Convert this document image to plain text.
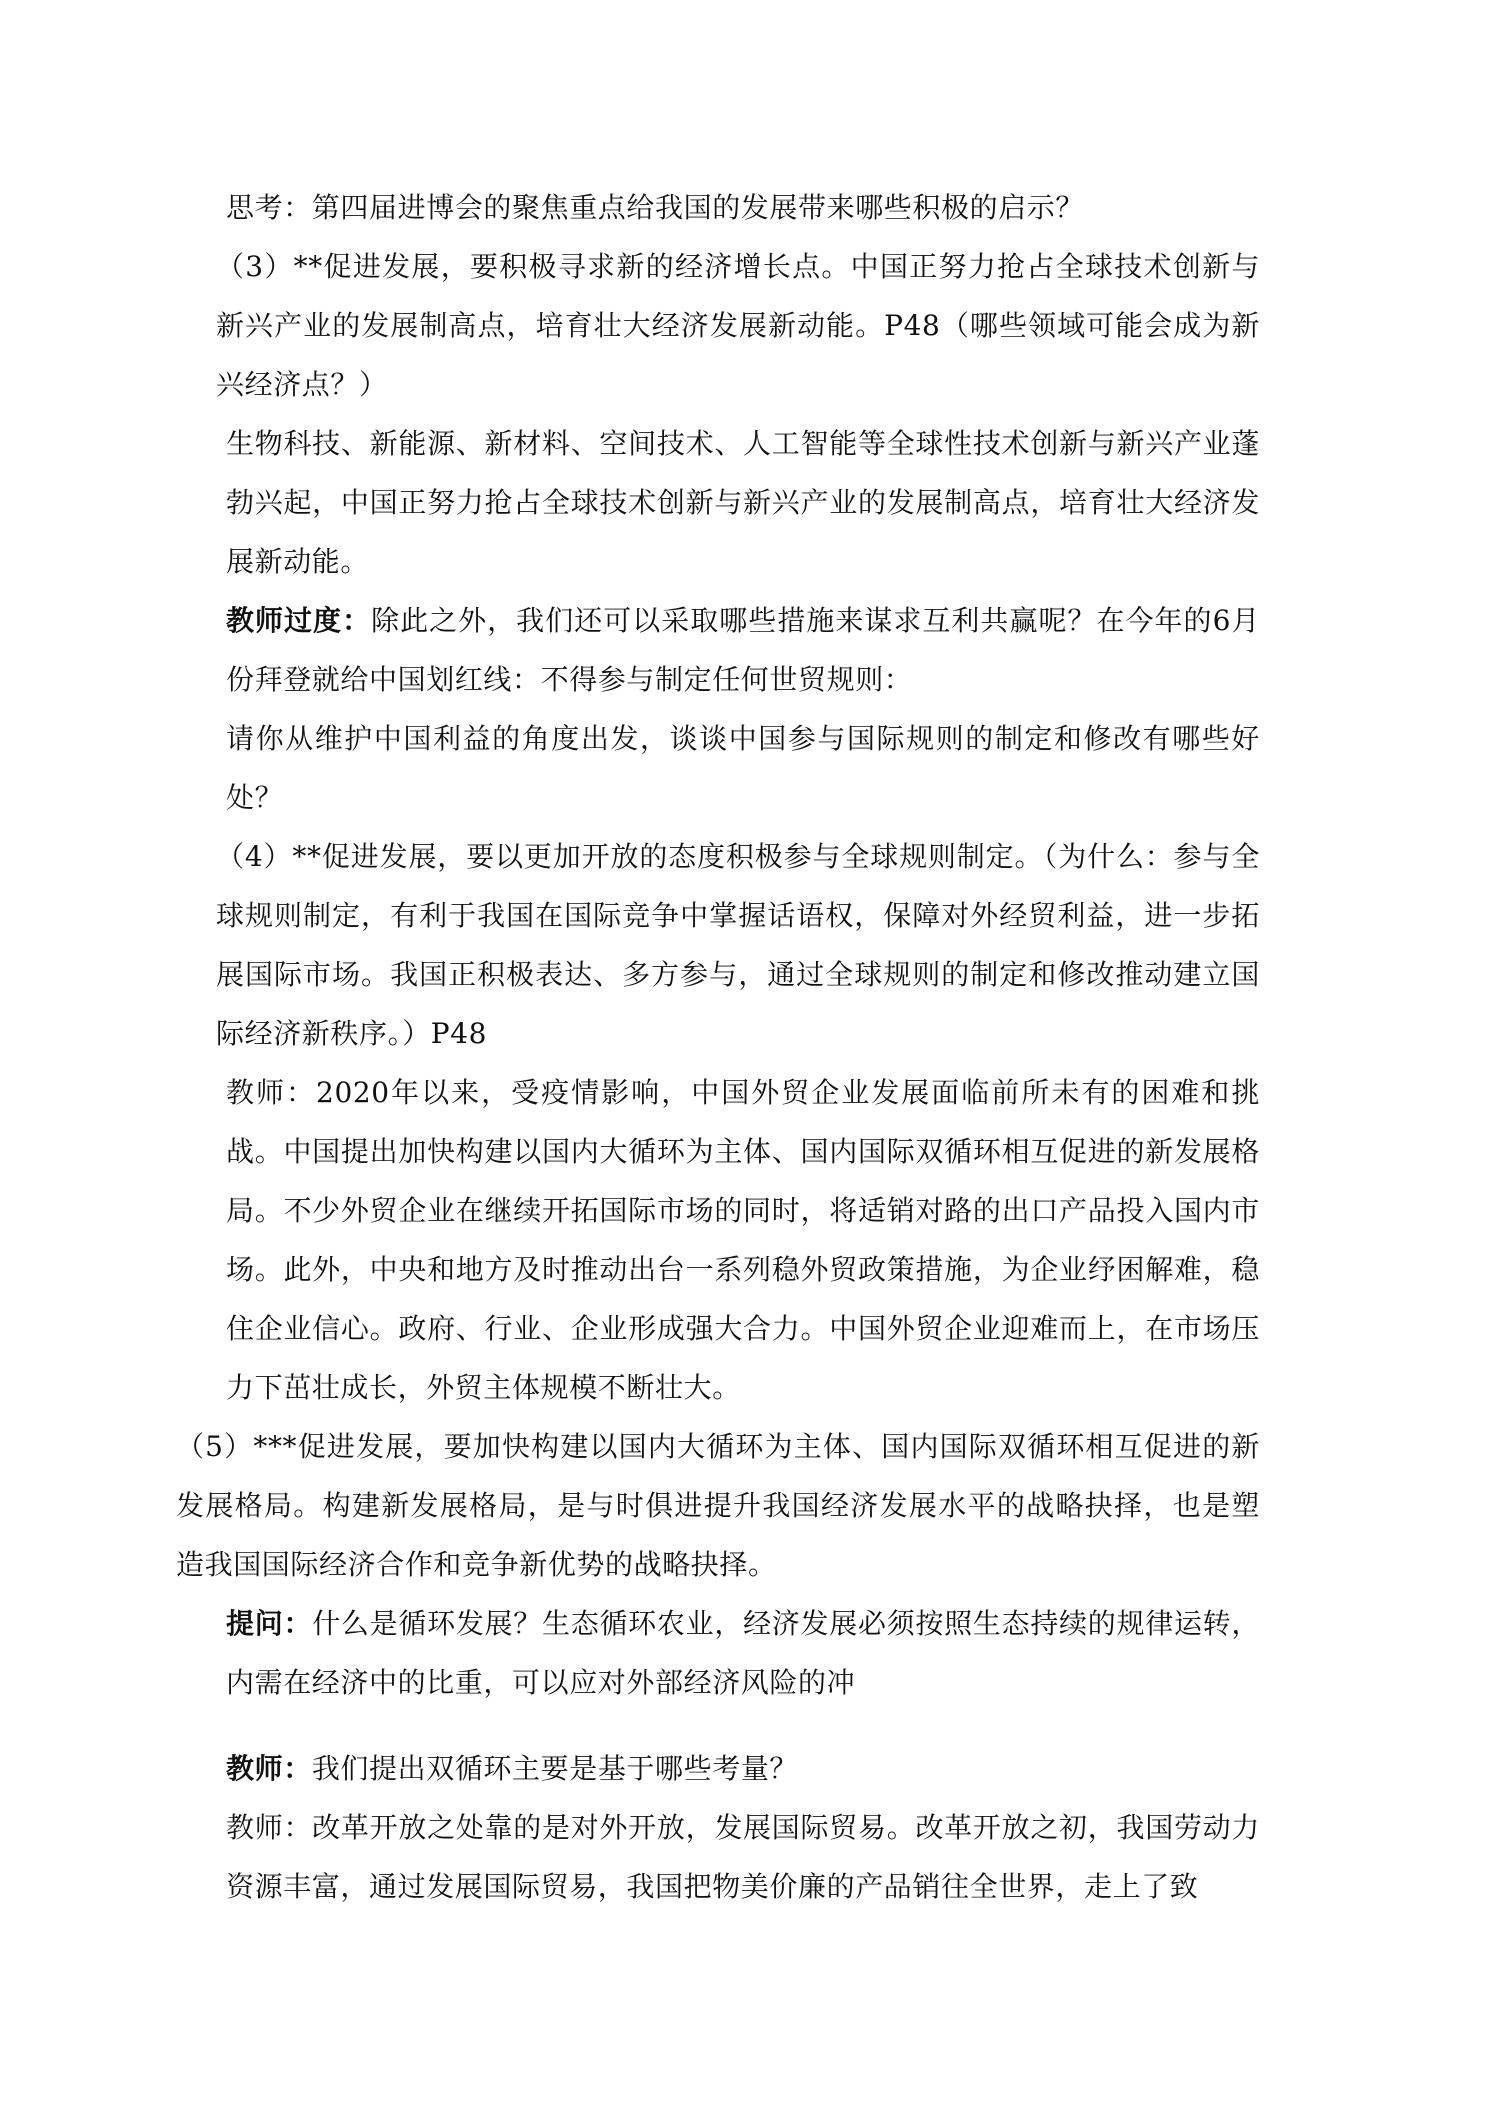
思考：第四届进博会的聚焦重点给我国的发展带来哪些积极的启示？
（3）**促进发展，要积极寻求新的经济增长点。中国正努力抢占全球技术创新与新兴产业的发展制高点，培育壮大经济发展新动能。P48（哪些领域可能会成为新兴经济点？）
生物科技、新能源、新材料、空间技术、人工智能等全球性技术创新与新兴产业蓬勃兴起，中国正努力抢占全球技术创新与新兴产业的发展制高点，培育壮大经济发展新动能。
教师过度：除此之外，我们还可以采取哪些措施来谋求互利共赢呢？在今年的6月份拜登就给中国划红线：不得参与制定任何世贸规则：
请你从维护中国利益的角度出发，谈谈中国参与国际规则的制定和修改有哪些好处？
（4）**促进发展，要以更加开放的态度积极参与全球规则制定。（为什么：参与全球规则制定，有利于我国在国际竞争中掌握话语权，保障对外经贸利益，进一步拓展国际市场。我国正积极表达、多方参与，通过全球规则的制定和修改推动建立国际经济新秩序。）P48
教师：2020年以来，受疫情影响，中国外贸企业发展面临前所未有的困难和挑战。中国提出加快构建以国内大循环为主体、国内国际双循环相互促进的新发展格局。不少外贸企业在继续开拓国际市场的同时，将适销对路的出口产品投入国内市场。此外，中央和地方及时推动出台一系列稳外贸政策措施，为企业纾困解难，稳住企业信心。政府、行业、企业形成强大合力。中国外贸企业迎难而上，在市场压力下茁壮成长，外贸主体规模不断壮大。
（5）***促进发展，要加快构建以国内大循环为主体、国内国际双循环相互促进的新发展格局。构建新发展格局，是与时俱进提升我国经济发展水平的战略抉择，也是塑造我国国际经济合作和竞争新优势的战略抉择。
提问：什么是循环发展？生态循环农业，经济发展必须按照生态持续的规律运转，内需在经济中的比重，可以应对外部经济风险的冲
教师：我们提出双循环主要是基于哪些考量？
教师：改革开放之处靠的是对外开放，发展国际贸易。改革开放之初，我国劳动力资源丰富，通过发展国际贸易，我国把物美价廉的产品销往全世界，走上了致
